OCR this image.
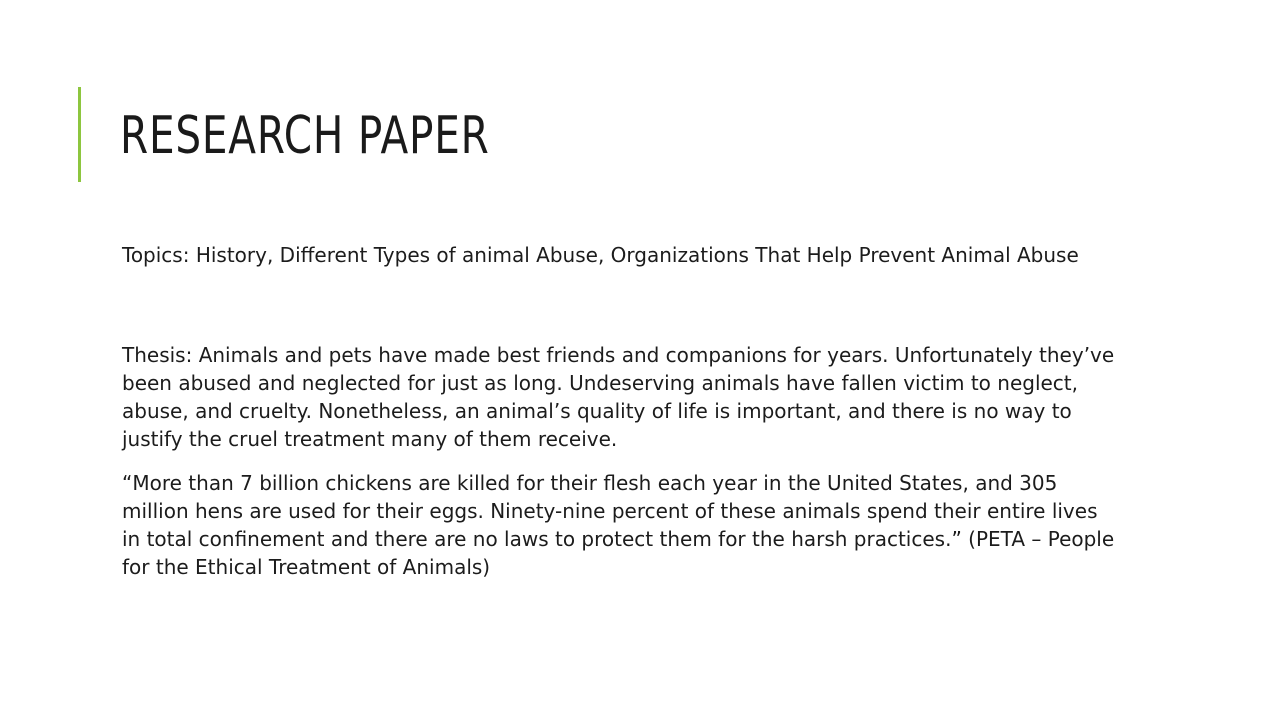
RESEARCH PAPER

Topics: History, Different Types of animal Abuse, Organizations That Help Prevent Animal Abuse

Thesis: Animals and pets have made best friends and companions for years. Unfortunately they’ve been abused and neglected for just as long. Undeserving animals have fallen victim to neglect, abuse, and cruelty. Nonetheless, an animal’s quality of life is important, and there is no way to justify the cruel treatment many of them receive.

“More than 7 billion chickens are killed for their flesh each year in the United States, and 305 million hens are used for their eggs. Ninety-nine percent of these animals spend their entire lives in total confinement and there are no laws to protect them for the harsh practices.” (PETA – People for the Ethical Treatment of Animals)
